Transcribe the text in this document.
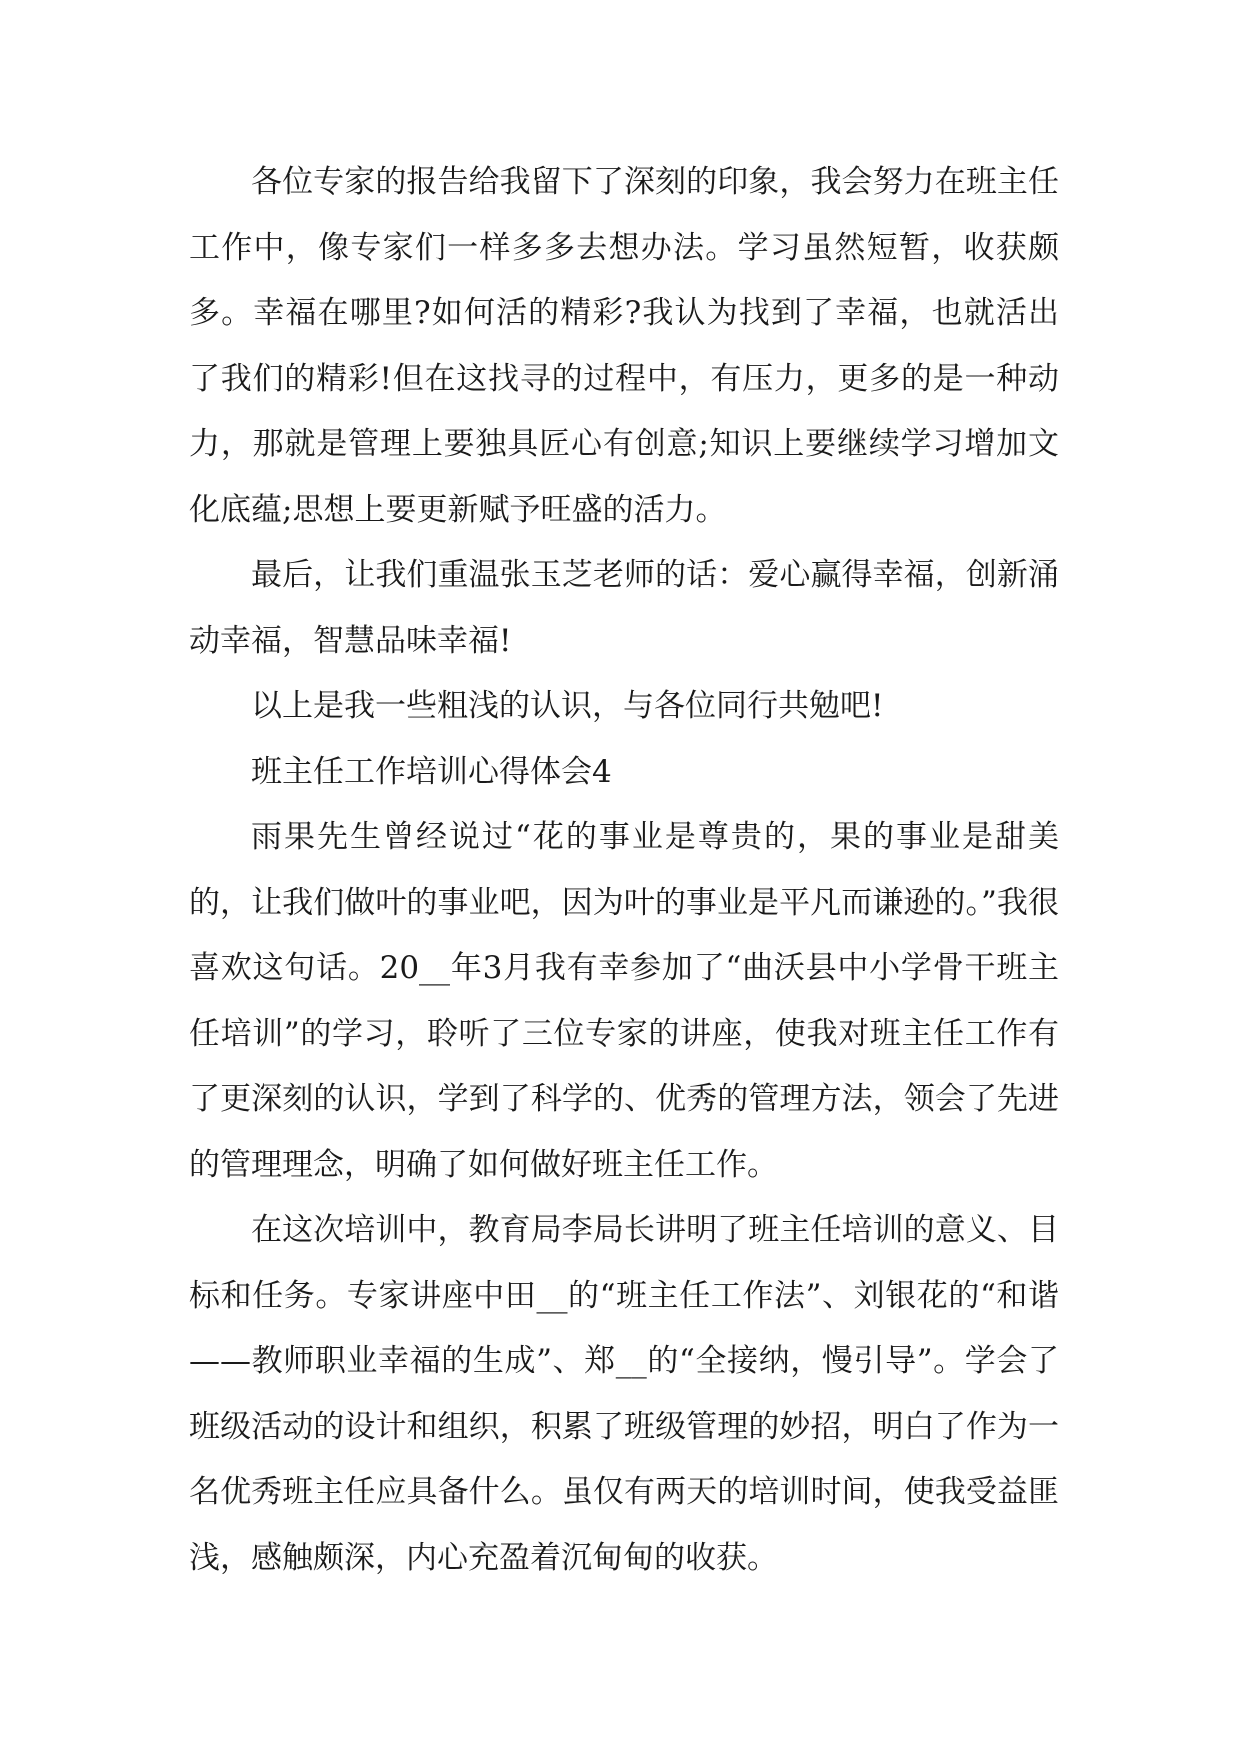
各位专家的报告给我留下了深刻的印象，我会努力在班主任工作中，像专家们一样多多去想办法。学习虽然短暂，收获颇多。幸福在哪里?如何活的精彩?我认为找到了幸福，也就活出了我们的精彩!但在这找寻的过程中，有压力，更多的是一种动力，那就是管理上要独具匠心有创意;知识上要继续学习增加文化底蕴;思想上要更新赋予旺盛的活力。

最后，让我们重温张玉芝老师的话：爱心赢得幸福，创新涌动幸福，智慧品味幸福!

以上是我一些粗浅的认识，与各位同行共勉吧!

班主任工作培训心得体会4

雨果先生曾经说过“花的事业是尊贵的，果的事业是甜美的，让我们做叶的事业吧，因为叶的事业是平凡而谦逊的。”我很喜欢这句话。20__年3月我有幸参加了“曲沃县中小学骨干班主任培训”的学习，聆听了三位专家的讲座，使我对班主任工作有了更深刻的认识，学到了科学的、优秀的管理方法，领会了先进的管理理念，明确了如何做好班主任工作。

在这次培训中，教育局李局长讲明了班主任培训的意义、目标和任务。专家讲座中田__的“班主任工作法”、刘银花的“和谐——教师职业幸福的生成”、郑__的“全接纳，慢引导”。学会了班级活动的设计和组织，积累了班级管理的妙招，明白了作为一名优秀班主任应具备什么。虽仅有两天的培训时间，使我受益匪浅，感触颇深，内心充盈着沉甸甸的收获。
